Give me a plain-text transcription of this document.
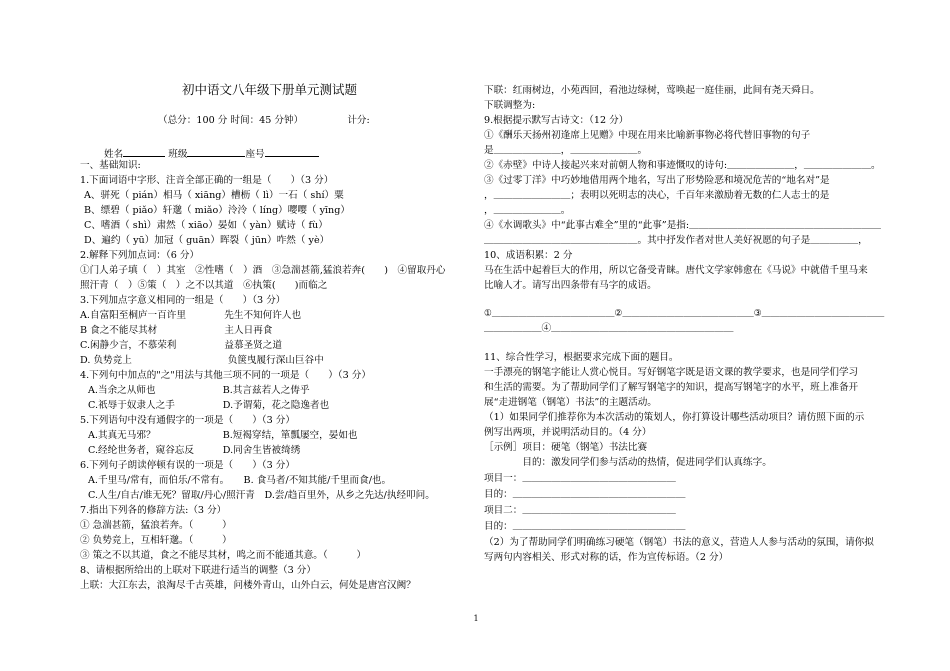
初中语文八年级下册单元测试题
（总分：100 分 时间：45 分钟）	计分:
姓名	班级	座号
一、基础知识:
1.下面词语中字形、注音全部正确的一组是（　　）（3 分）
A、骈死（ pián）相马（ xiāng）槽枥（ lì）一石（ shí）粟
B、缥碧（ piǎo）轩邈（ miǎo）泠泠（ líng）嘤嘤（ yīng）
C、嗜酒（ shì）肃然（ xiāo）晏如（ yàn）赋诗（ fù）
D、遍约（ yū）加冠（ guān）晖裂（ jūn）咋然（ yè）
2.解释下列加点词：（6 分）
①门人弟子填（　）其室　②性嗜（　）酒　③急湍甚箭,猛浪若奔(　　)　④留取丹心
照汗青（　）⑤策（　）之不以其道　⑥执策(　　)而临之
3.下列加点字意义相同的一组是（　　）（3 分）
A.自富阳至桐庐一百许里　　　　先生不知何许人也
B 食之不能尽其材　　　　　　　主人日再食
C.闲静少言，不慕荣利　　　　　益慕圣贤之道
D. 负势竞上　　　　　　　　　　负箧曳履行深山巨谷中
4.下列句中加点的"之"用法与其他三项不同的一项是（　　）（3 分）
A.当余之从师也　　　　　　　B.其言兹若人之俦乎
C.祇辱于奴隶人之手　　　　　D.予谓菊，花之隐逸者也
5.下列语句中没有通假字的一项是（　　）（3 分）
A.其真无马邪？　　　　　　　B.短褐穿结，箪瓢屡空，晏如也
C.经纶世务者，窥谷忘反　　　D.同舍生皆被绮绣
6.下列句子朗读停顿有误的一项是（　　）（3 分）
A.千里马/常有，而伯乐/不常有。　　B. 食马者/不知其能/千里而食/也。
C.人生/自古/谁无死？留取/丹心/照汗青　D.尝/趋百里外，从乡之先达/执经叩问。
7.指出下列各的修辞方法:（3 分）
① 急湍甚箭，猛浪若奔。（　　　）
② 负势竞上，互相轩邈。（　　　）
③ 策之不以其道，食之不能尽其材，鸣之而不能通其意。（　　　）
8、请根据所给出的上联对下联进行适当的调整（3 分）
上联：大江东去，浪淘尽千古英雄，问楼外青山，山外白云，何处是唐宫汉阙？
下联：红雨树边，小苑西回，看池边绿树，莺唤起一庭佳丽，此间有尧天舜日。
下联调整为:
9.根据提示默写古诗文：（12 分）
①《酬乐天扬州初逢席上见赠》中现在用来比喻新事物必将代替旧事物的句子
是＿＿＿＿＿＿＿，＿＿＿＿＿＿＿。
②《赤壁》中诗人接起兴来对前朝人物和事迹慨叹的诗句:＿＿＿＿＿＿＿，＿＿＿＿＿＿＿。
③《过零丁洋》中巧妙地借用两个地名，写出了形势险恶和境况危苦的“地名对”是
，＿＿＿＿＿＿＿＿；表明以死明志的决心，千百年来激励着无数的仁人志士的是
，＿＿＿＿＿＿＿。
④《水调歌头》中“此事古难全”里的“此事”是指:＿＿＿＿＿＿＿＿＿＿＿＿＿＿＿＿＿＿＿＿
＿＿＿＿＿＿＿＿＿＿＿＿＿＿＿＿。其中抒发作者对世人美好祝愿的句子是＿＿＿＿＿，
10、成语积累：2 分
马在生活中起着巨大的作用，所以它备受青睐。唐代文学家韩愈在《马说》中就借千里马来
比喻人才。请写出四条带有马字的成语。
①＿＿＿＿＿＿＿＿＿＿＿＿＿＿②＿＿＿＿＿＿＿＿＿＿＿＿＿＿＿③＿＿＿＿＿＿＿＿＿＿＿＿＿＿
＿＿＿＿＿＿④＿＿＿＿＿＿＿＿＿＿＿＿＿＿＿＿＿＿＿
11、综合性学习，根据要求完成下面的题目。
一手漂亮的钢笔字能让人赏心悦目。写好钢笔字既是语文课的教学要求，也是同学们学习
和生活的需要。为了帮助同学们了解写钢笔字的知识，提高写钢笔字的水平，班上准备开
展“走进钢笔（钢笔）书法”的主题活动。
（1）如果同学们推荐你为本次活动的策划人，你打算设计哪些活动项目？请仿照下面的示
例写出两项，并说明活动目的。（4 分）
［示例］项目：硬笔（钢笔）书法比赛
　　　　目的：激发同学们参与活动的热情，促进同学们认真练字。
项目一：＿＿＿＿＿＿＿＿＿＿＿＿＿＿＿＿
目的：＿＿＿＿＿＿＿＿＿＿＿＿＿＿＿＿＿＿
项目二：＿＿＿＿＿＿＿＿＿＿＿＿＿＿＿＿
目的：＿＿＿＿＿＿＿＿＿＿＿＿＿＿＿＿＿＿
（2）为了帮助同学们明确练习硬笔（钢笔）书法的意义，营造人人参与活动的氛围，请你拟
写两句内容相关、形式对称的话，作为宣传标语。（2 分）
1
